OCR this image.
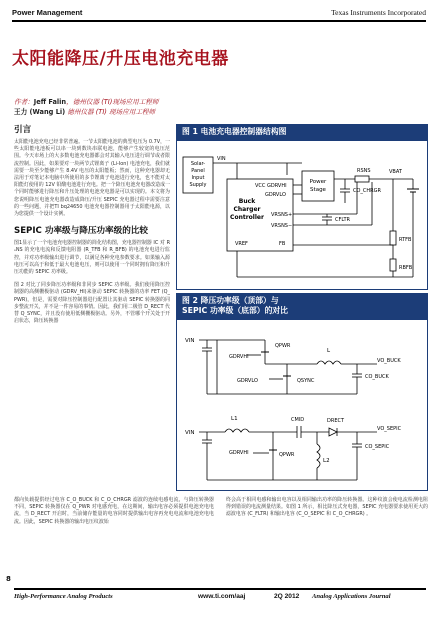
Power Management	Texas Instruments Incorporated
太阳能降压/升压电池充电器
作者：Jeff Falin，德州仪器 (TI)现场应用工程师
王力 (Wang Li) 德州仪器 (TI) 现场应用工程师
引言
太阳能电池充电已经非常普遍。一节太阳能电池的典型电压为 0.7V，一些太阳能电池板可以串一块到数块串联电池，能够产生较宽的电压范围。今天市场上的大多数电池充电器都会对其输入电压进行调节或者限流控制。因此，如果要对一块两节式锂离子 (Li-Ion) 电池充电，我们就需要一块至少能够产生 8.4V 电压的太阳能板；然而，这种充电器却无法用于对笔记本电脑中所使用的多节锂离子电池进行充电，也不能对太阳能灯使用的 12V 铅酸电池进行充电。把一个降压电池充电器改造成一个同时能够进行降压和升压处理的电池充电器是可以实现的。本文将为您说明降压电池充电器改造成降压/升压 SEPIC 充电器过程中需要注意的一些问题，并把TI bq24650 电池充电器控制器用于太阳能电源，以为您提供一个设计实例。
SEPIC 功率级与降压功率级的比较
图1显示了一个电池充电器控制器的简化结构图，充电器控制器 IC 对 RₛNS 的充电电流和反馈电阻器 (R_TFB 和 R_BFB) 的电池充电进行监控，并对功率级输出进行调节，以满足各种充电参数要求。如果输入源电压可以高于和低于最大电池电压，则可以使用一个同时拥有降压和升压功能的 SEPIC 功率级。
图 2 对比了同步降压功率级和非同步 SEPIC 功率级。我们使用降压控制器的高侧栅极驱动 (GDRV_HI)来驱动 SEPIC 转换器的功率 FET (Q_PWR)，但是，需要对降压控制器进行配置让其驱动 SEPIC 转换器的同步整流开关，并不是一件容易的事情。因此，我们用二极管 D_RECT 代替 Q_SYNC，并且没有使用低侧栅极驱动。另外，不管哪个开关处于开启状态，降压转换器
图 1 电池充电器控制器结构图
Solar-
Panel
Input
Supply
VIN
VCC GDRVHI
GDRVLO
Buck
Charger
Controller VRSNS+
VRSNS−
VREF	FB
Power
Stage
RSNS	VBAT
CO_CHRGR
CFLTR
RTFB
RBFB
图 2 降压功率级（顶部）与
SEPIC 功率级（底部）的对比
VIN
QPWR
GDRVHI
L
VO_BUCK
CO_BUCK
QSYNC
GDRVLO
VIN
L1	CMID	DRECT
VO_SEPIC
CO_SEPIC
QPWR
GDRVHI
L2
都向负载提供经过电容 C_O_BUCK 和 C_O_CHRGR 滤波的连续电感电流，与降压转换器不同，SEPIC 转换器仅在 Q_PWR 对电感充电，在这期间，输出电容必须提供电池充电电流，当 D_RECT 开启时，当前储存能量的电容同时提供输出电容再充电电流和电池充电电流。因此，SEPIC 转换器的输出电压纹波始
终会高于相同电感和输出电容以及相同输出功率的降压转换器。这种纹波会使电流检测电阻得到错误的电流测量结果。如图 1 所示，相比降压式充电器，SEPIC 充电器要求使用更大的滤波电容 (C_FLTR) 和输出电容 (C_O_SEPIC 和 C_O_CHRGR) 。
8
High-Performance Analog Products	www.ti.com/aaj	2Q 2012 Analog Applications Journal
